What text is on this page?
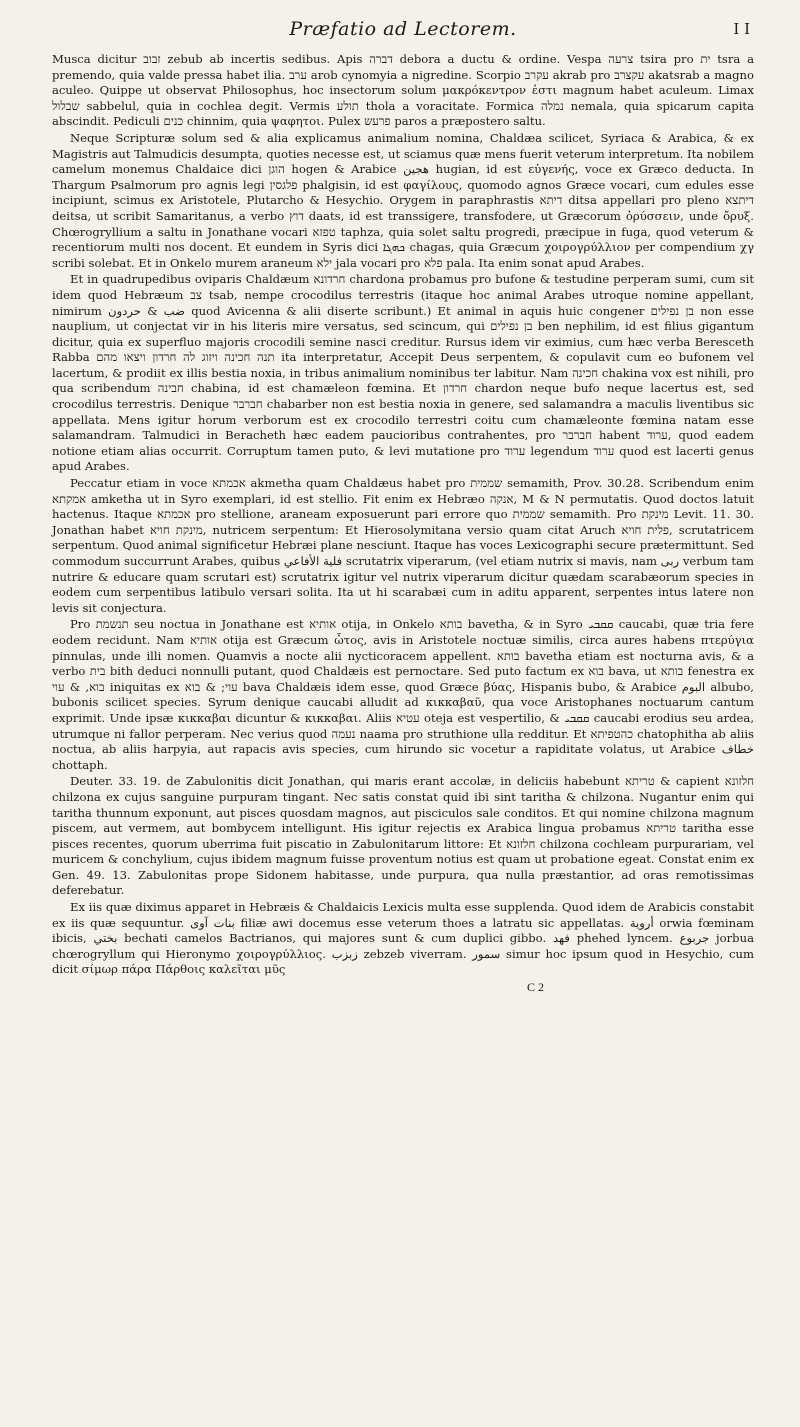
Præfatio ad Lectorem.	I I

Musca dicitur זבוב zebub ab incertis sedibus. Apis דברה debora a ductu & ordine. Vespa צרעה tsira pro ית tsra a premendo, quia valde pressa habet ilia. ערב arob cynomyia a nigredine. Scorpio עקרב akrab pro עקצרב akatsrab a magno aculeo. Quippe ut observat Philosophus, hoc insectorum solum μακρόκεντρον ἐστι magnum habet aculeum. Limax שבלול sabbelul, quia in cochlea degit. Vermis תולע thola a voracitate. Formica נמלה nemala, quia spicarum capita abscindit. Pediculi כנים chinnim, quia ψαφητοι. Pulex פרעש paros a præpostero saltu.

Neque Scripturæ solum sed & alia explicamus animalium nomina, Chaldæa scilicet, Syriaca & Arabica, & ex Magistris aut Talmudicis desumpta, quoties necesse est, ut sciamus quæ mens fuerit veterum interpretum. Ita nobilem camelum monemus Chaldaice dici הוגן hogen & Arabice هجين hugian, id est εὐγενής, voce ex Græco deducta. In Thargum Psalmorum pro agnis legi פלגסין phalgisin, id est φαγίλους, quomodo agnos Græce vocari, cum edules esse incipiunt, scimus ex Aristotele, Plutarcho & Hesychio. Orygem in paraphrastis דיתא ditsa appellari pro pleno דיתצא deitsa, ut scribit Samaritanus, a verbo דוץ daats, id est transsigere, transfodere, ut Græcorum ὀρύσσειν, unde ὄρυξ. Chœrogryllium a saltu in Jonathane vocari טפזא taphza, quia solet saltu progredi, præcipue in fuga, quod veterum & recentiorum multi nos docent. Et eundem in Syris dici ܟܗܓܐ chagas, quia Græcum χοιρογρύλλιον per compendium χγ scribi solebat. Et in Onkelo murem araneum ילא jala vocari pro פלא pala. Ita enim sonat apud Arabes.

Et in quadrupedibus oviparis Chaldæum חרדונא chardona probamus pro bufone & testudine perperam sumi, cum sit idem quod Hebræum צב tsab, nempe crocodilus terrestris (itaque hoc animal Arabes utroque nomine appellant, nimirum ضب & حردون quod Avicenna & alii diserte scribunt.) Et animal in aquis huic congener בן נפילים non esse nauplium, ut conjectat vir in his literis mire versatus, sed scincum, qui בן נפילים ben nephilim, id est filius gigantum dicitur, quia ex superfluo majoris crocodili semine nasci creditur. Rursus idem vir eximius, cum hæc verba Beresceth Rabba תנה חכינה ויזוג לה חרדון ויצאו מהם ita interpretatur, Accepit Deus serpentem, & copulavit cum eo bufonem vel lacertum, & prodiit ex illis bestia noxia, in tribus animalium nominibus ter labitur. Nam חכינה chakina vox est nihili, pro qua scribendum חבינה chabina, id est chamæleon fœmina. Et חרדון chardon neque bufo neque lacertus est, sed crocodilus terrestris. Denique חברבר chabarber non est bestia noxia in genere, sed salamandra a maculis liventibus sic appellata. Mens igitur horum verborum est ex crocodilo terrestri coitu cum chamæleonte fœmina natam esse salamandram. Talmudici in Beracheth hæc eadem paucioribus contrahentes, pro חברבר habent ערוד, quod eadem notione etiam alias occurrit. Corruptum tamen puto, & levi mutatione pro ערוד legendum ערוד quod est lacerti genus apud Arabes.

Peccatur etiam in voce אכמתא akmetha quam Chaldæus habet pro שממית semamith, Prov. 30.28. Scribendum enim אמקתא amketha ut in Syro exemplari, id est stellio. Fit enim ex Hebræo אנקה, M & N permutatis. Quod doctos latuit hactenus. Itaque אכמתא pro stellione, araneam exposuerunt pari errore quo שממית semamith. Pro מינקת Levit. 11. 30. Jonathan habet מינקת חויא, nutricem serpentum: Et Hierosolymitana versio quam citat Aruch פלית חויא, scrutatricem serpentum. Quod animal significetur Hebræi plane nesciunt. Itaque has voces Lexicographi secure prætermittunt. Sed commodum succurrunt Arabes, quibus فلية الأفاعي scrutatrix viperarum, (vel etiam nutrix si mavis, nam ربى verbum tam nutrire & educare quam scrutari est) scrutatrix igitur vel nutrix viperarum dicitur quædam scarabæorum species in eodem cum serpentibus latibulo versari solita. Ita ut hi scarabæi cum in aditu apparent, serpentes intus latere non levis sit conjectura.

Pro תנשמת seu noctua in Jonathane est אותיא otija, in Onkelo בותא bavetha, & in Syro ܩܩܒܝ caucabi, quæ tria fere eodem recidunt. Nam אותיא otija est Græcum ὦτος, avis in Aristotele noctuæ similis, circa aures habens πτερύγια pinnulas, unde illi nomen. Quamvis a nocte alii nycticoracem appellent. בותא bavetha etiam est nocturna avis, & a verbo בית bith deduci nonnulli putant, quod Chaldæis est pernoctare. Sed puto factum ex בוא bava, ut בותא fenestra ex בוא, & עוי iniquitas ex עוי; & בוא bava Chaldæis idem esse, quod Græce βύας, Hispanis bubo, & Arabice البوم albubo, bubonis scilicet species. Syrum denique caucabi alludit ad κικκαβαῦ, qua voce Aristophanes noctuarum cantum exprimit. Unde ipsæ κικκαβαι dicuntur & κικκαβαι. Aliis עטיא oteja est vespertilio, & ܩܩܒܝ caucabi erodius seu ardea, utrumque ni fallor perperam. Nec verius quod נעמה naama pro struthione ulla redditur. Et כהטפיתא chatophitha ab aliis noctua, ab aliis harpyia, aut rapacis avis species, cum hirundo sic vocetur a rapiditate volatus, ut Arabice خطاف chottaph.

Deuter. 33. 19. de Zabulonitis dicit Jonathan, qui maris erant accolæ, in deliciis habebunt טריתא & capient חלזונא chilzona ex cujus sanguine purpuram tingant. Nec satis constat quid ibi sint taritha & chilzona. Nugantur enim qui taritha thunnum exponunt, aut pisces quosdam magnos, aut pisciculos sale conditos. Et qui nomine chilzona magnum piscem, aut vermem, aut bombycem intelligunt. His igitur rejectis ex Arabica lingua probamus טריתא taritha esse pisces recentes, quorum uberrima fuit piscatio in Zabulonitarum littore: Et חלזונא chilzona cochleam purpurariam, vel muricem & conchylium, cujus ibidem magnum fuisse proventum notius est quam ut probatione egeat. Constat enim ex Gen. 49. 13. Zabulonitas prope Sidonem habitasse, unde purpura, qua nulla præstantior, ad oras remotissimas deferebatur.

Ex iis quæ diximus apparet in Hebræis & Chaldaicis Lexicis multa esse supplenda. Quod idem de Arabicis constabit ex iis quæ sequuntur. بنات آوى filiæ awi docemus esse veterum thoes a latratu sic appellatas. أروية orwia fœminam ibicis, بختي bechati camelos Bactrianos, qui majores sunt & cum duplici gibbo. فهد phehed lyncem. جربوع jorbua chœrogryllum qui Hieronymo χοιρογρύλλιος. زبزب zebzeb viverram. سمور simur hoc ipsum quod in Hesychio, cum dicit σίμωρ πάρα Πάρθοις καλεῖται μῦς

C 2
